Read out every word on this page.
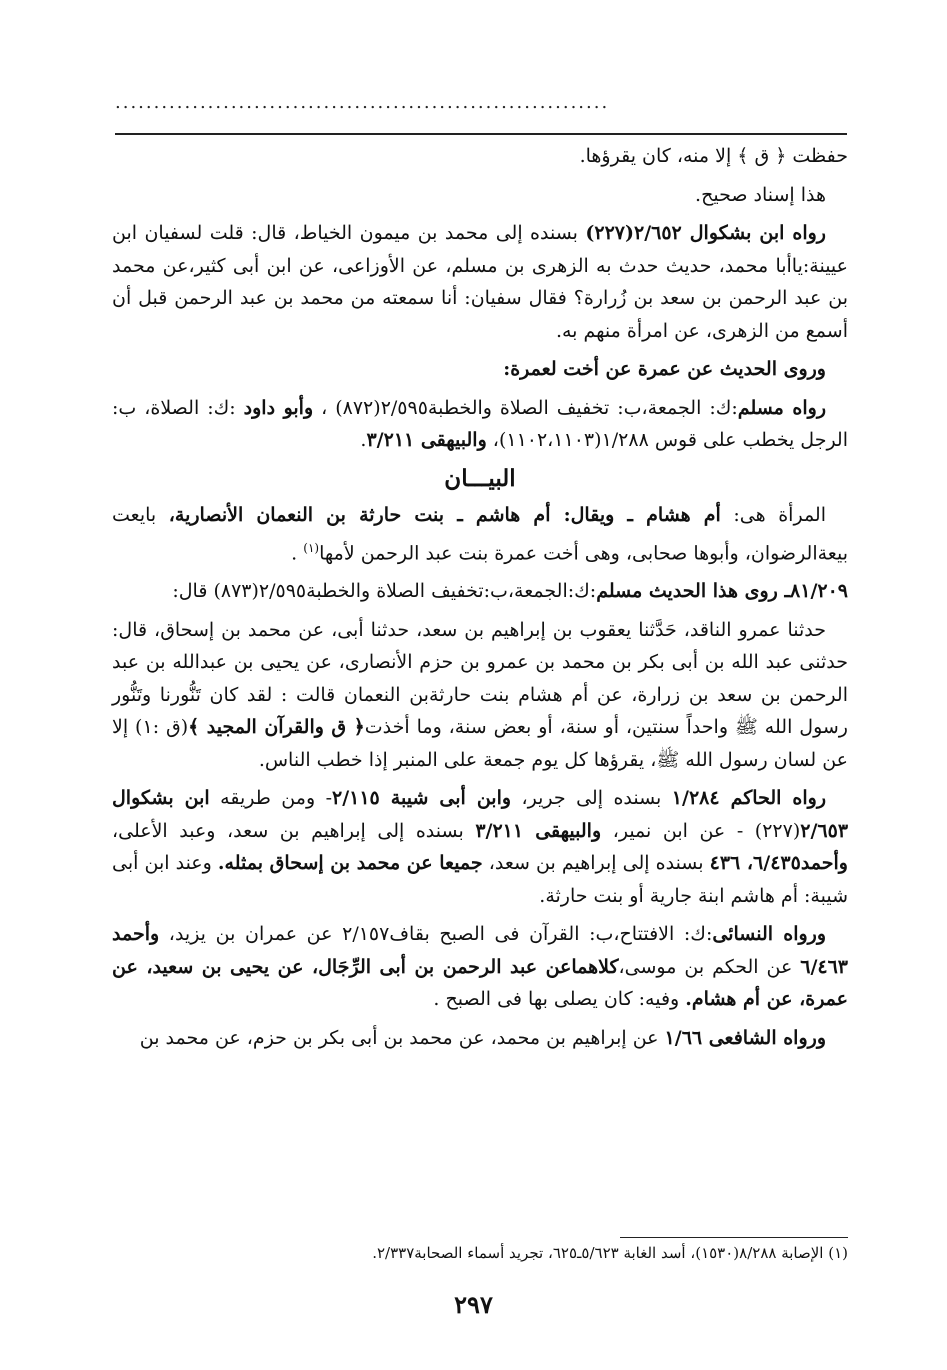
................................................................

حفظت ﴿ ق ﴾ إلا منه، كان يقرؤها.

هذا إسناد صحيح.

رواه ابن بشكوال ٢/٦٥٢(٢٢٧) بسنده إلى محمد بن ميمون الخياط، قال: قلت لسفيان ابن عيينة:ياأبا محمد، حديث حدث به الزهرى بن مسلم، عن الأوزاعى، عن ابن أبى كثير،عن محمد بن عبد الرحمن بن سعد بن زُرارة؟ فقال سفيان: أنا سمعته من محمد بن عبد الرحمن قبل أن أسمع من الزهرى، عن امرأة منهم به.

وروى الحديث عن عمرة عن أخت لعمرة:

رواه مسلم:ك: الجمعة،ب: تخفيف الصلاة والخطبة٢/٥٩٥(٨٧٢) ، وأبو داود :ك: الصلاة، ب: الرجل يخطب على قوس ١/٢٨٨(١١٠٢،١١٠٣)، والبيهقى ٣/٢١١.

البيـــان

المرأة هى: أم هشام ـ ويقال: أم هاشم ـ بنت حارثة بن النعمان الأنصارية، بايعت بيعةالرضوان، وأبوها صحابى، وهى أخت عمرة بنت عبد الرحمن لأمها$^{(١)}$ .

٨١/٢٠٩ـ روى هذا الحديث مسلم:ك:الجمعة،ب:تخفيف الصلاة والخطبة٢/٥٩٥(٨٧٣) قال:

حدثنا عمرو الناقد، حَدَّثنا يعقوب بن إبراهيم بن سعد، حدثنا أبى، عن محمد بن إسحاق، قال: حدثنى عبد الله بن أبى بكر بن محمد بن عمرو بن حزم الأنصارى، عن يحيى بن عبدالله بن عبد الرحمن بن سعد بن زرارة، عن أم هشام بنت حارثةبن النعمان قالت : لقد كان تَنُّورنا وتَنُّور رسول الله ﷺ واحداً سنتين، أو سنة، أو بعض سنة، وما أخذت﴿ ق والقرآن المجيد ﴾(ق :١) إلا عن لسان رسول الله ﷺ، يقرؤها كل يوم جمعة على المنبر إذا خطب الناس.

رواه الحاكم ١/٢٨٤ بسنده إلى جرير، وابن أبى شيبة ٢/١١٥- ومن طريقه ابن بشكوال ٢/٦٥٣(٢٢٧) - عن ابن نمير، والبيهقى ٣/٢١١ بسنده إلى إبراهيم بن سعد، وعبد الأعلى، وأحمد٦/٤٣٥، ٤٣٦ بسنده إلى إبراهيم بن سعد، جميعا عن محمد بن إسحاق بمثله. وعند ابن أبى شيبة: أم هاشم ابنة جارية أو بنت حارثة.

ورواه النسائى:ك: الافتتاح،ب: القرآن فى الصبح بقاف٢/١٥٧ عن عمران بن يزيد، وأحمد ٦/٤٦٣ عن الحكم بن موسى،كلاهماعن عبد الرحمن بن أبى الرِّجَال، عن يحيى بن سعيد، عن عمرة، عن أم هشام. وفيه: كان يصلى بها فى الصبح .

ورواه الشافعى ١/٦٦ عن إبراهيم بن محمد، عن محمد بن أبى بكر بن حزم، عن محمد بن

(١) الإصابة ٨/٢٨٨(١٥٣٠)، أسد الغابة ٥/٦٢٣ـ٦٢٥، تجريد أسماء الصحابة٢/٣٣٧.
٢٩٧
